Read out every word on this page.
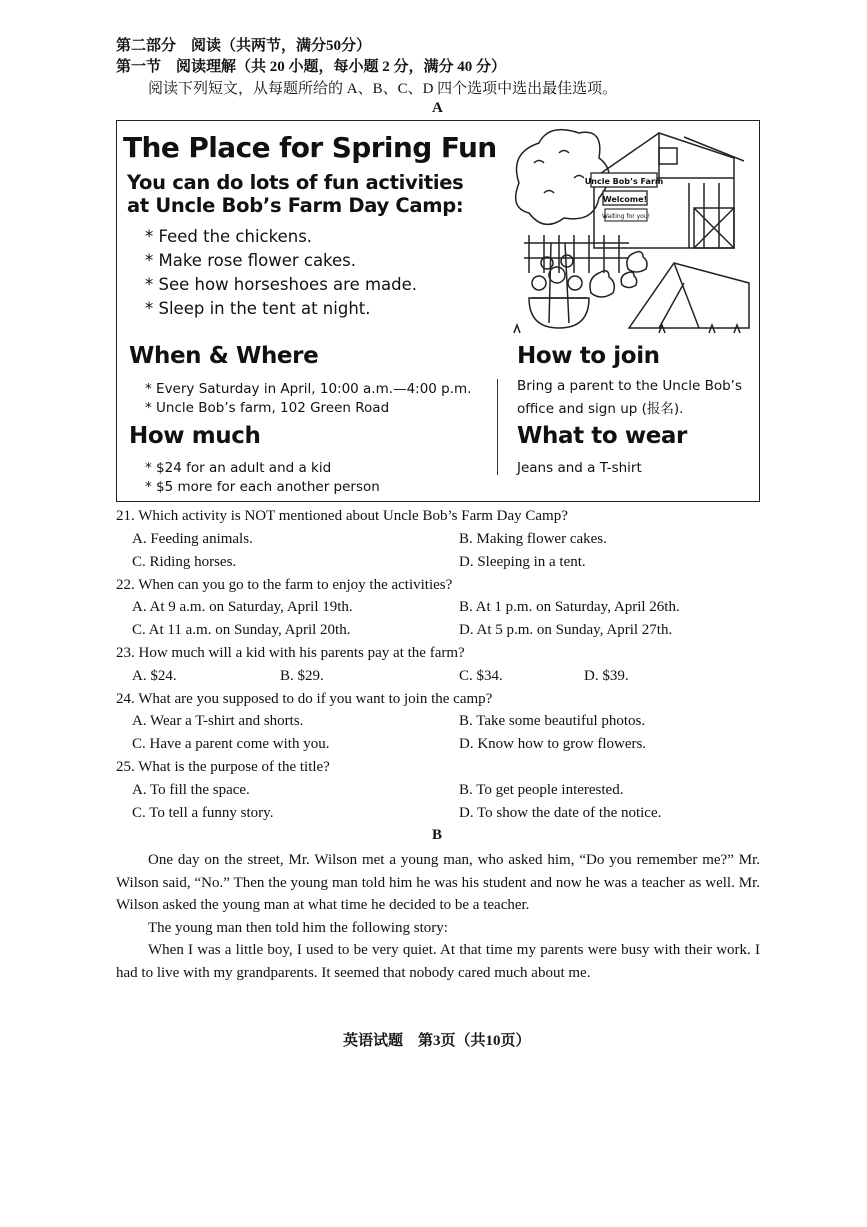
第二部分　阅读（共两节，满分50分）
第一节　阅读理解（共 20 小题，每小题 2 分，满分 40 分）
阅读下列短文，从每题所给的 A、B、C、D 四个选项中选出最佳选项。
A
The Place for Spring Fun
You can do lots of fun activities
at Uncle Bob’s Farm Day Camp:
* Feed the chickens.
* Make rose flower cakes.
* See how horseshoes are made.
* Sleep in the tent at night.
Uncle Bob’s Farm
Welcome!
Waiting for you!
When & Where
* Every Saturday in April, 10:00 a.m.—4:00 p.m.
* Uncle Bob’s farm, 102 Green Road
How much
* $24 for an adult and a kid
* $5 more for each another person
How to join
Bring a parent to the Uncle Bob’s
office and sign up (报名).
What to wear
Jeans and a T-shirt
21. Which activity is NOT mentioned about Uncle Bob’s Farm Day Camp?
A. Feeding animals.	B. Making flower cakes.
C. Riding horses.	D. Sleeping in a tent.
22. When can you go to the farm to enjoy the activities?
A. At 9 a.m. on Saturday, April 19th.	B. At 1 p.m. on Saturday, April 26th.
C. At 11 a.m. on Sunday, April 20th.	D. At 5 p.m. on Sunday, April 27th.
23. How much will a kid with his parents pay at the farm?
A. $24.	B. $29.	C. $34.	D. $39.
24. What are you supposed to do if you want to join the camp?
A. Wear a T-shirt and shorts.	B. Take some beautiful photos.
C. Have a parent come with you.	D. Know how to grow flowers.
25. What is the purpose of the title?
A. To fill the space.	B. To get people interested.
C. To tell a funny story.	D. To show the date of the notice.
B
One day on the street, Mr. Wilson met a young man, who asked him, “Do you remember me?” Mr. Wilson said, “No.” Then the young man told him he was his student and now he was a teacher as well. Mr. Wilson asked the young man at what time he decided to be a teacher.
The young man then told him the following story:
When I was a little boy, I used to be very quiet. At that time my parents were busy with their work. I had to live with my grandparents. It seemed that nobody cared much about me.
英语试题　第3页（共10页）
